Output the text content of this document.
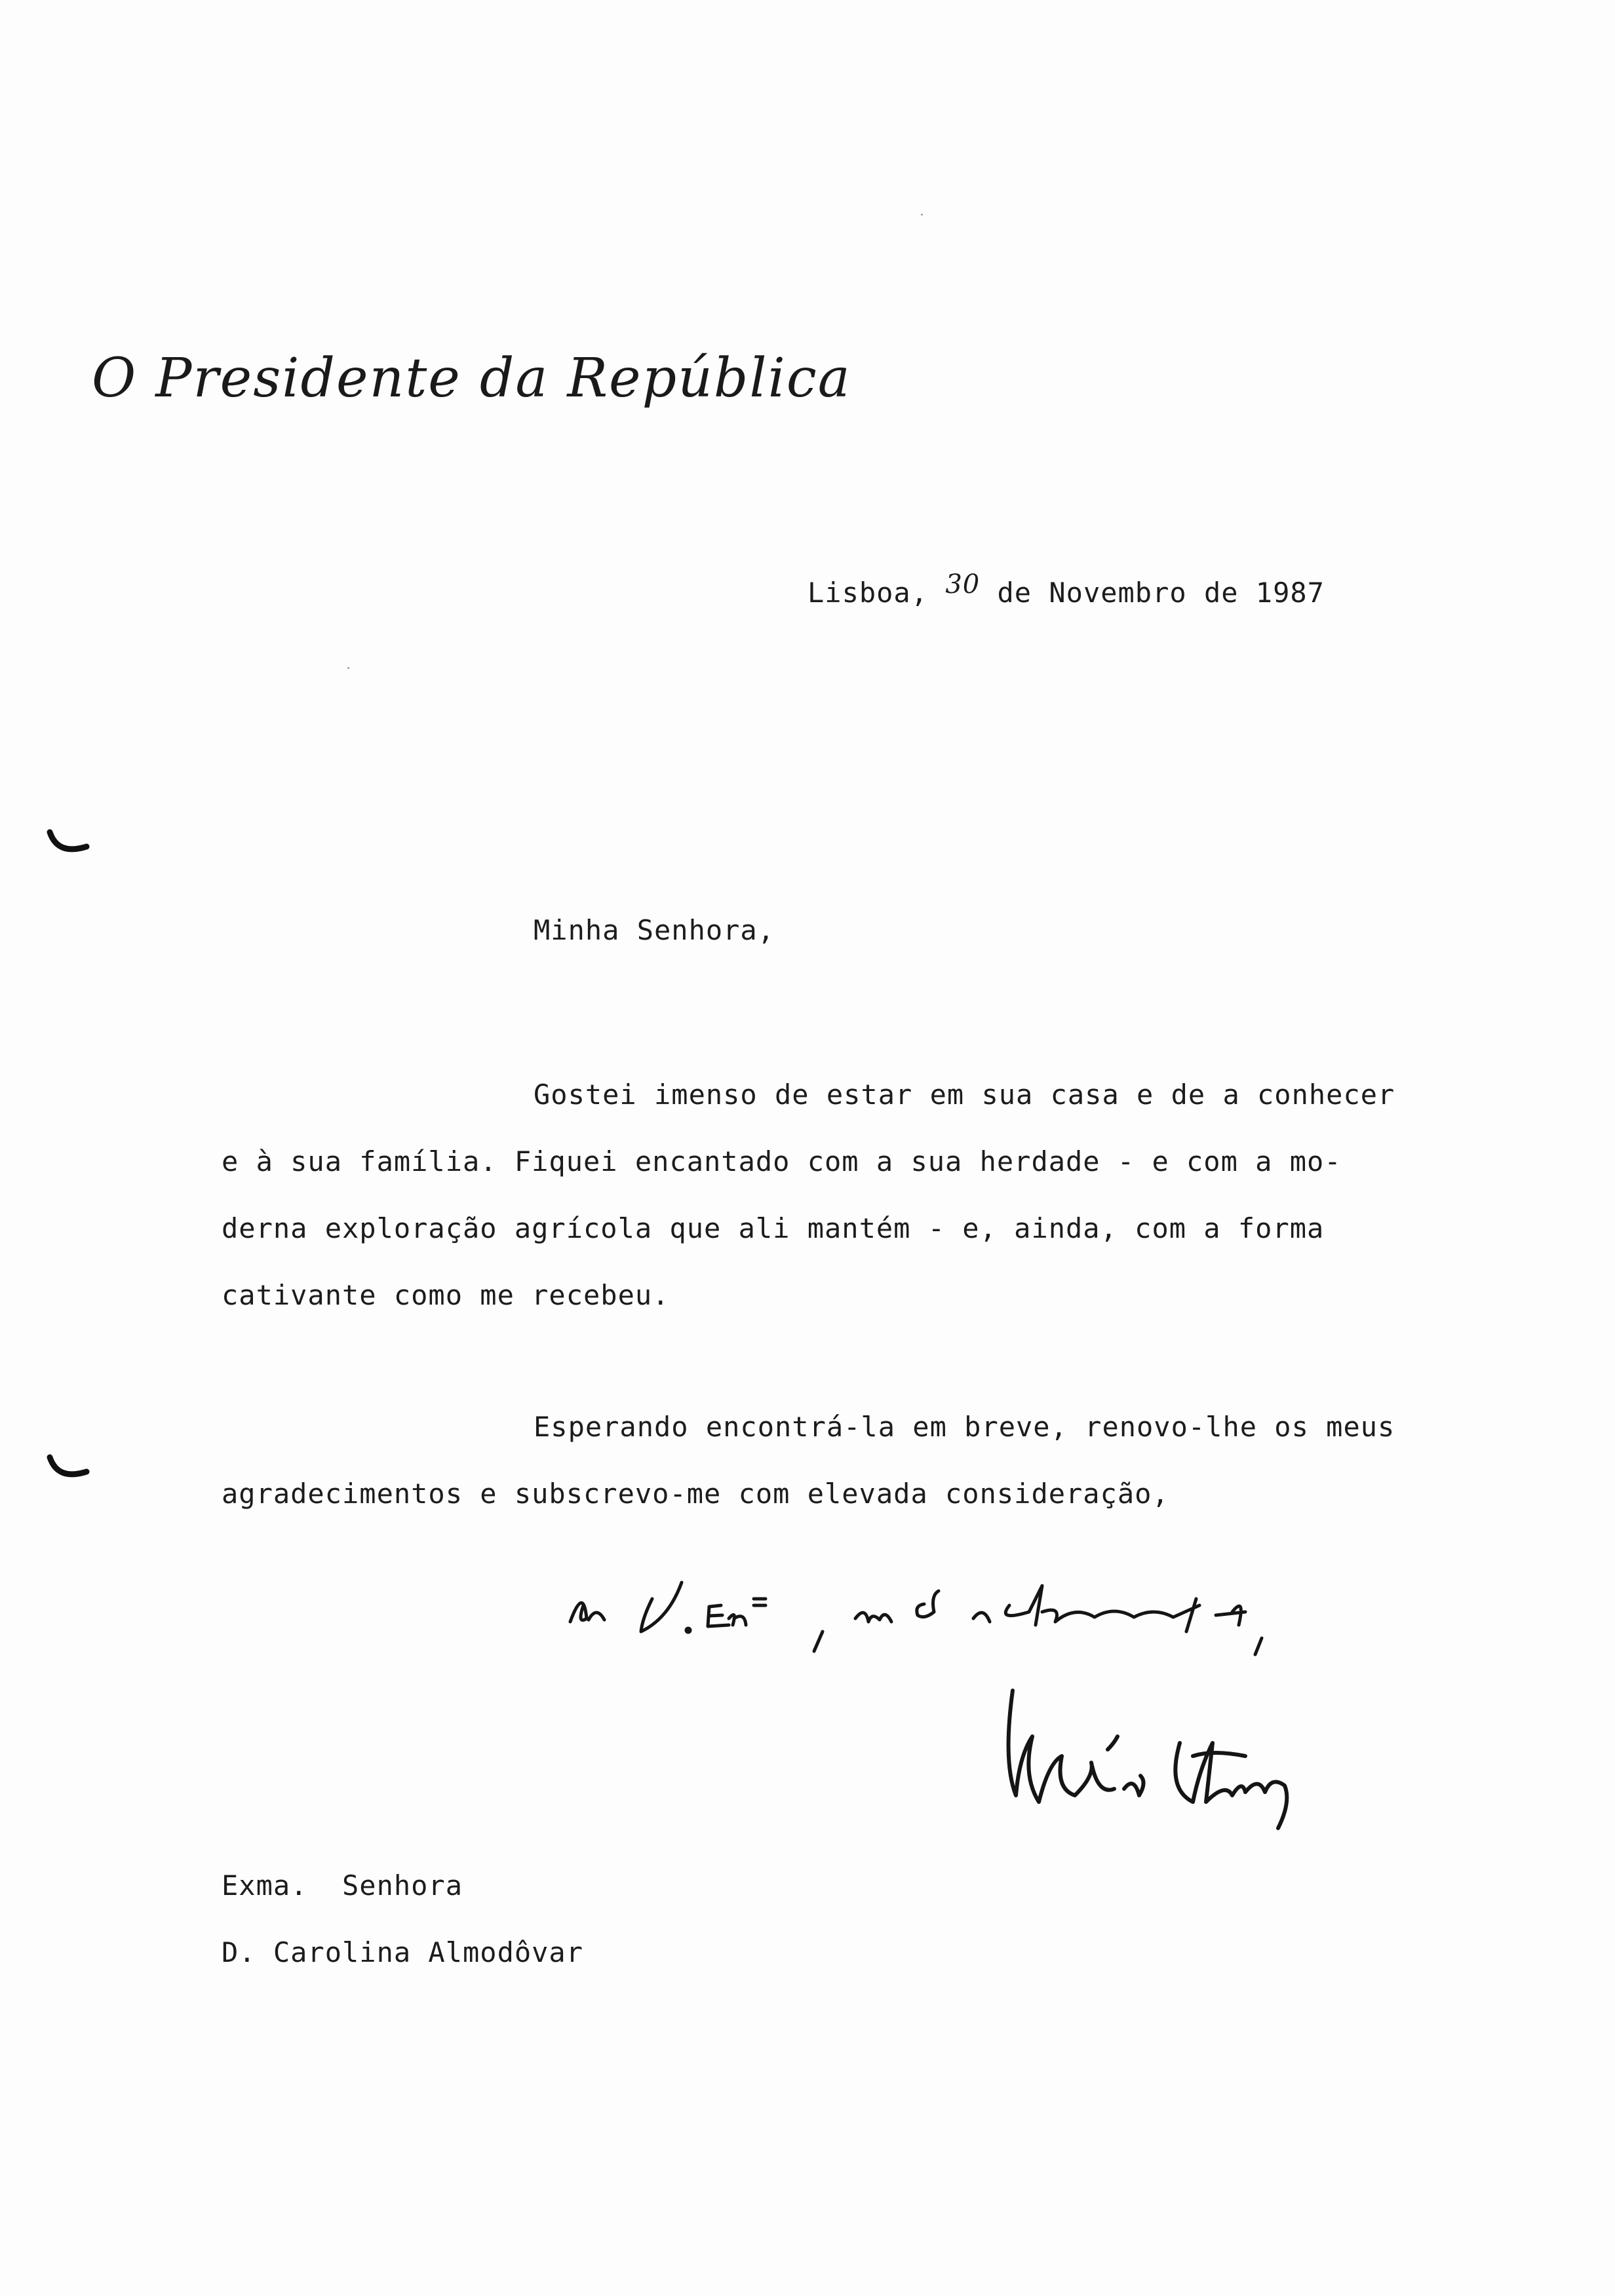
O Presidente da República
Lisboa, 30 de Novembro de 1987
Minha Senhora,
Gostei imenso de estar em sua casa e de a conhecer
e à sua família. Fiquei encantado com a sua herdade - e com a mo-
derna exploração agrícola que ali mantém - e, ainda, com a forma
cativante como me recebeu.
Esperando encontrá-la em breve, renovo-lhe os meus
agradecimentos e subscrevo-me com elevada consideração,
Exma.  Senhora
D. Carolina Almodôvar
